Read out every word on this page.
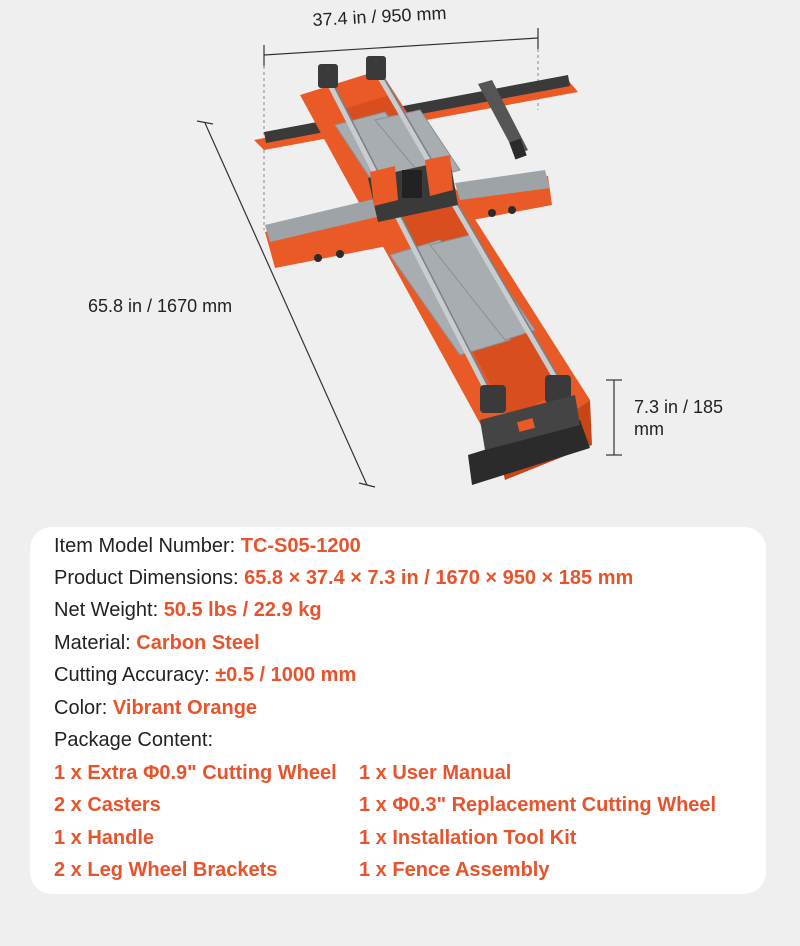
37.4 in / 950 mm
65.8 in / 1670 mm
7.3 in / 185 mm
Item Model Number: TC-S05-1200
Product Dimensions: 65.8 × 37.4 × 7.3 in / 1670 × 950 × 185 mm
Net Weight: 50.5 lbs / 22.9 kg
Material: Carbon Steel
Cutting Accuracy: ±0.5 / 1000 mm
Color: Vibrant Orange
Package Content:
1 x Extra Φ0.9" Cutting Wheel
2 x Casters
1 x Handle
2 x Leg Wheel Brackets
1 x User Manual
1 x Φ0.3" Replacement Cutting Wheel
1 x Installation Tool Kit
1 x Fence Assembly
